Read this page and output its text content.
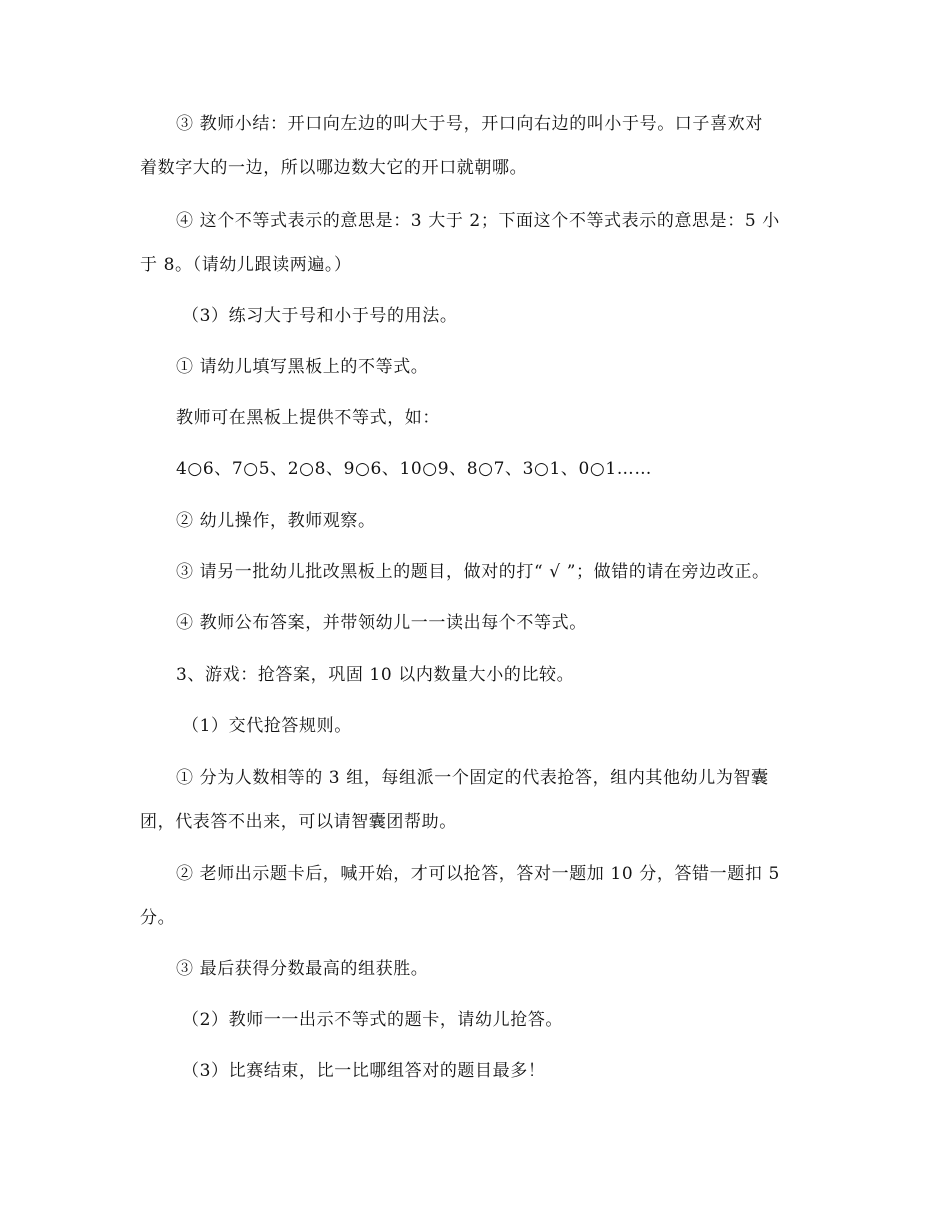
③ 教师小结：开口向左边的叫大于号，开口向右边的叫小于号。口子喜欢对
着数字大的一边，所以哪边数大它的开口就朝哪。
④ 这个不等式表示的意思是：3 大于 2；下面这个不等式表示的意思是：5 小
于 8。（请幼儿跟读两遍。）
（3）练习大于号和小于号的用法。
① 请幼儿填写黑板上的不等式。
教师可在黑板上提供不等式，如：
4○6、7○5、2○8、9○6、10○9、8○7、3○1、0○1……
② 幼儿操作，教师观察。
③ 请另一批幼儿批改黑板上的题目，做对的打“ √ ”；做错的请在旁边改正。
④ 教师公布答案，并带领幼儿一一读出每个不等式。
3、游戏：抢答案，巩固 10 以内数量大小的比较。
（1）交代抢答规则。
① 分为人数相等的 3 组，每组派一个固定的代表抢答，组内其他幼儿为智囊
团，代表答不出来，可以请智囊团帮助。
② 老师出示题卡后，喊开始，才可以抢答，答对一题加 10 分，答错一题扣 5
分。
③ 最后获得分数最高的组获胜。
（2）教师一一出示不等式的题卡，请幼儿抢答。
（3）比赛结束，比一比哪组答对的题目最多！
